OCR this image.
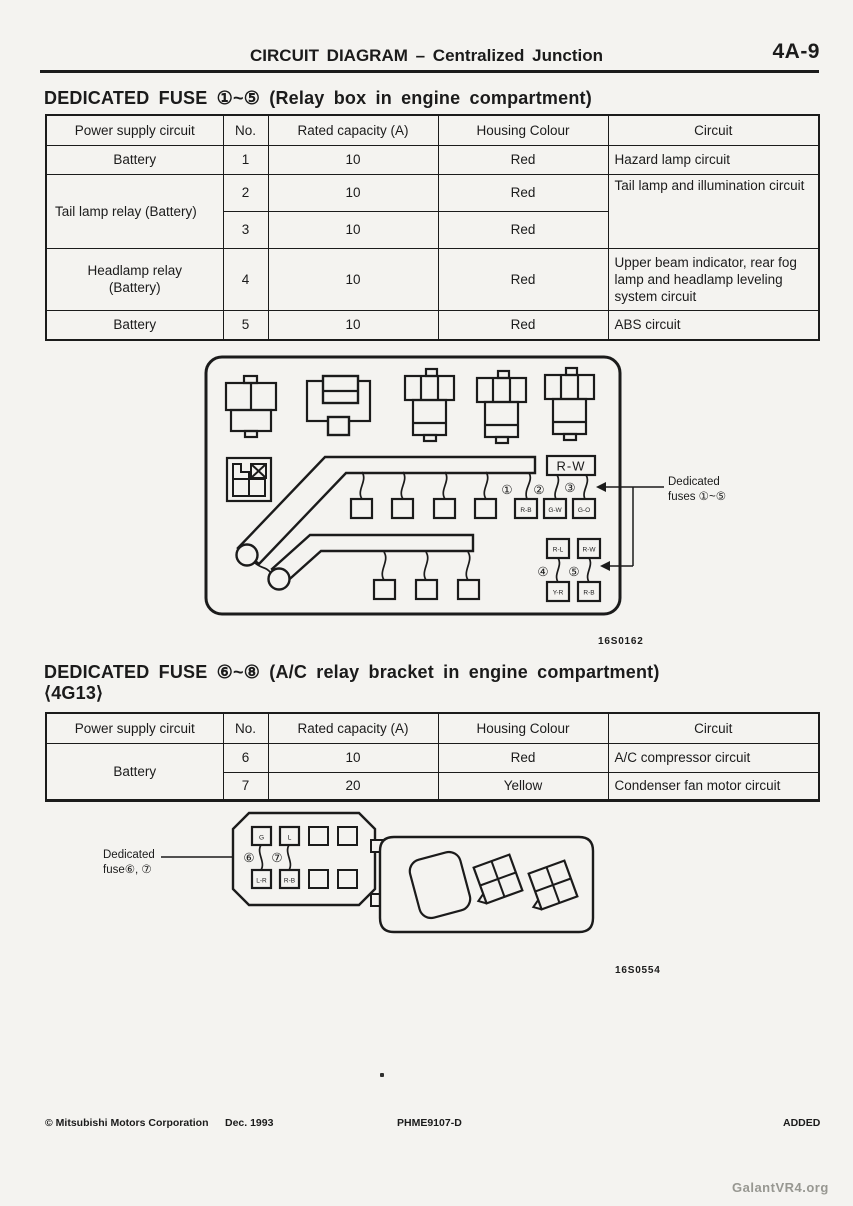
CIRCUIT DIAGRAM – Centralized Junction	4A-9
DEDICATED FUSE ①~⑤ (Relay box in engine compartment)
Power supply circuit	No.	Rated capacity (A)	Housing Colour	Circuit
Battery	1	10	Red	Hazard lamp circuit
Tail lamp relay (Battery)	2	10	Red	Tail lamp and illumination circuit
	3	10	Red	

Headlamp relay
(Battery)	4	10	Red	Upper beam indicator, rear fog lamp and headlamp leveling system circuit
Battery	5	10	Red	ABS circuit
R-W
① ② ③
R-B	G-W G-O
R-L	R-W
④ ⑤
Y-R	R-B
Dedicated
fuses ①~⑤
16S0162
DEDICATED FUSE ⑥~⑧ (A/C relay bracket in engine compartment)
⟨4G13⟩
Power supply circuit	No.	Rated capacity (A)	Housing Colour	Circuit
Battery	6	10	Red	A/C compressor circuit
	7	20	Yellow	Condenser fan motor circuit
Dedicated
fuse⑥, ⑦
G	L
⑥ ⑦
L-R	R-B
16S0554
© Mitsubishi Motors Corporation Dec. 1993	PHME9107-D	ADDED
GalantVR4.org
